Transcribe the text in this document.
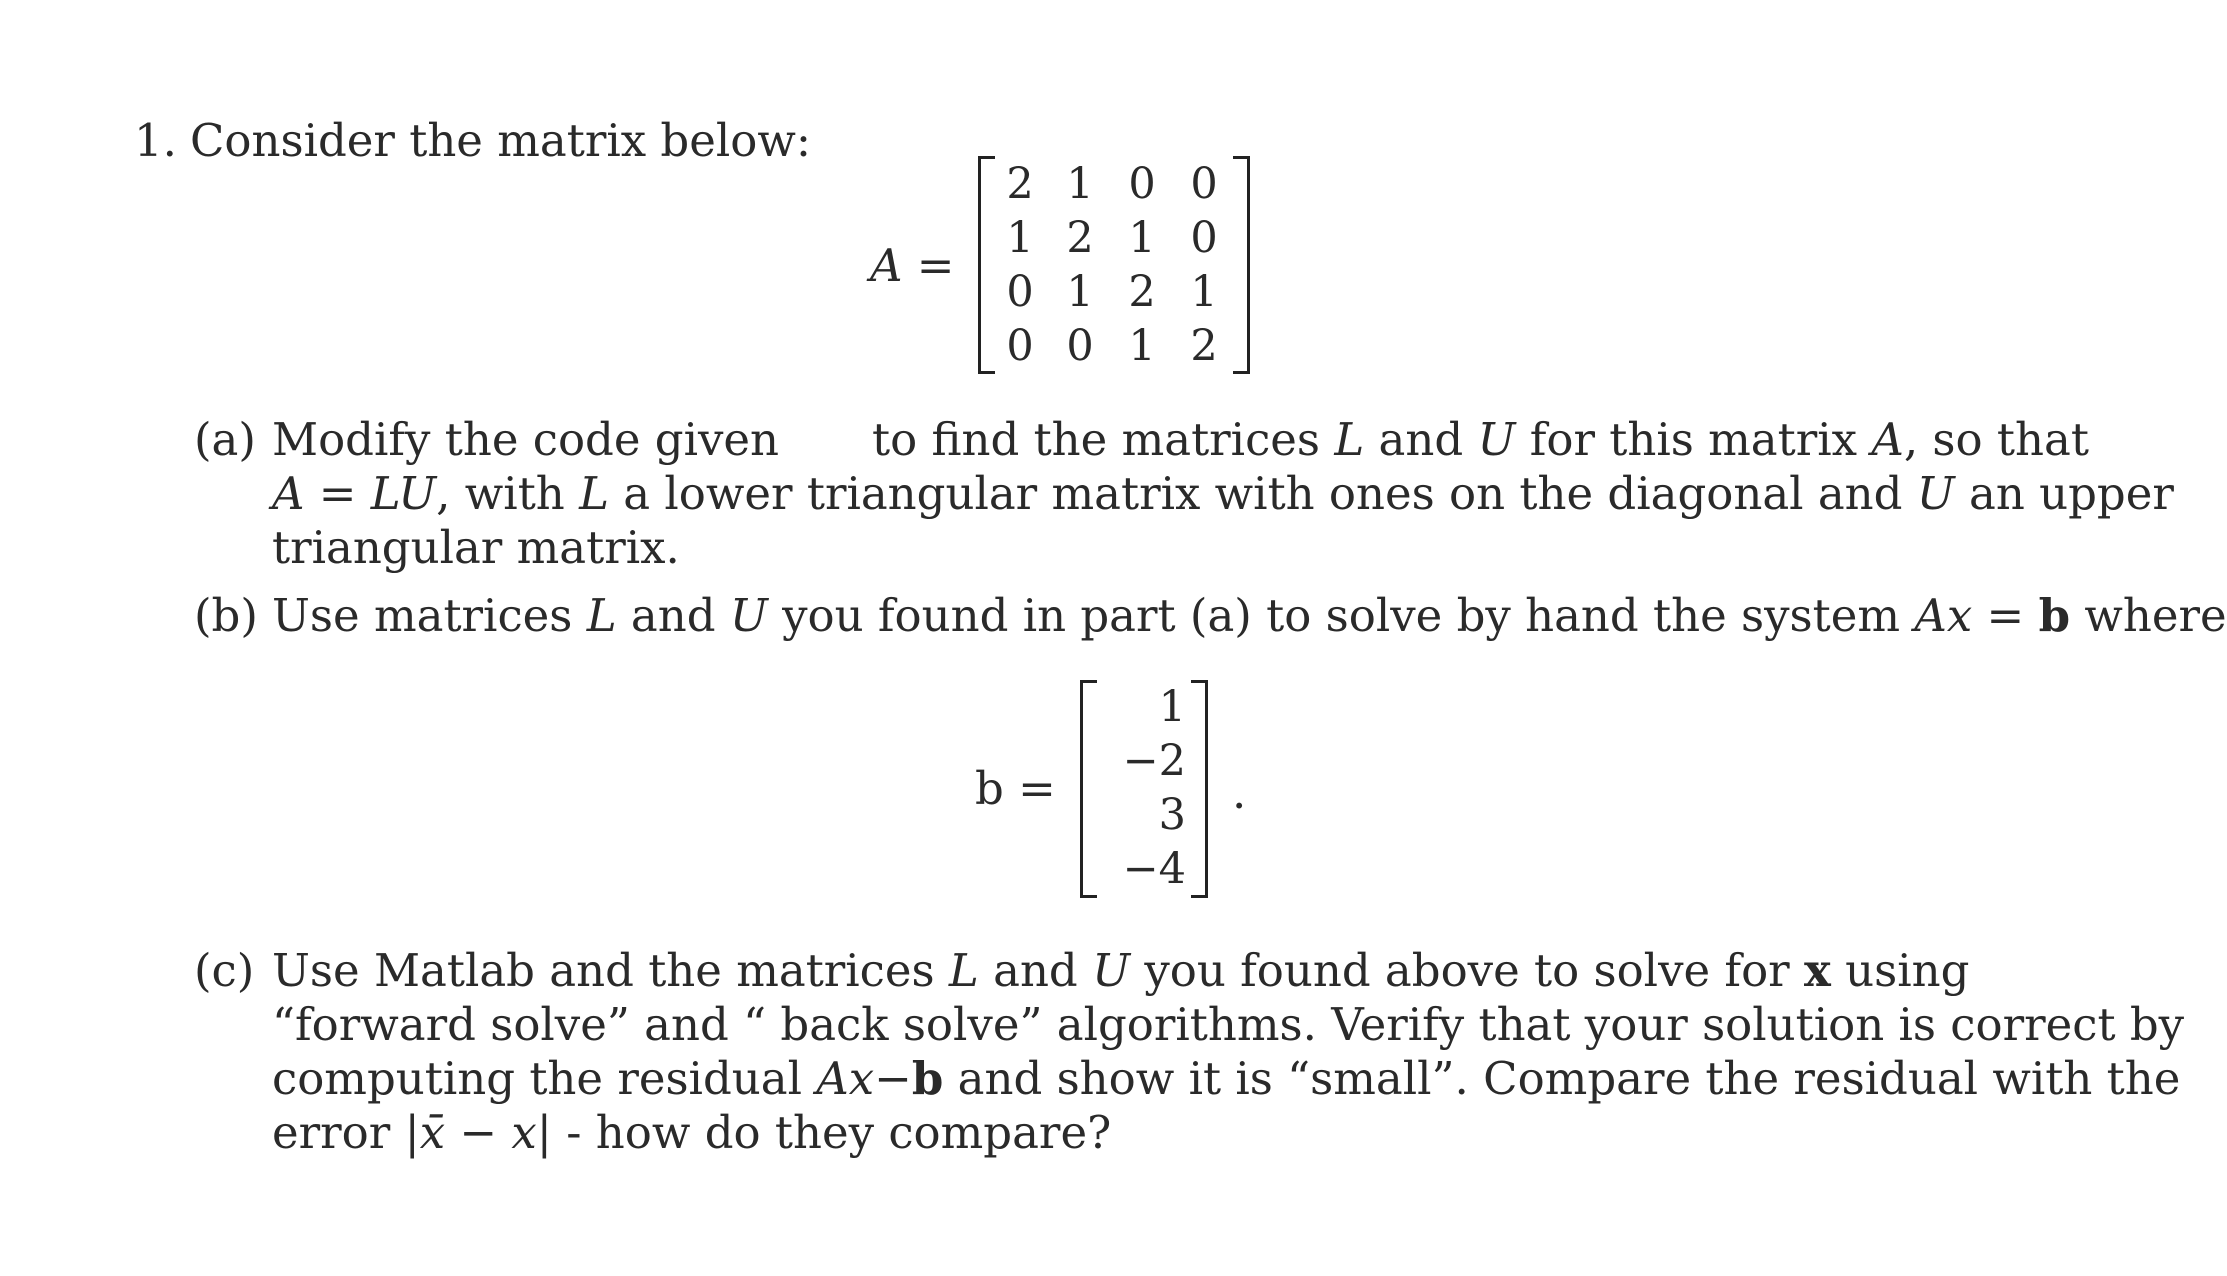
1. Consider the matrix below:
A =
2 1 0 0
1 2 1 0
0 1 2 1
0 0 1 2
(a) Modify the code given to find the matrices L and U for this matrix A, so that
A = LU, with L a lower triangular matrix with ones on the diagonal and U an upper
triangular matrix.
(b) Use matrices L and U you found in part (a) to solve by hand the system Ax = b where
b =
1
−2
3
−4
.
(c) Use Matlab and the matrices L and U you found above to solve for x using
“forward solve” and “ back solve” algorithms. Verify that your solution is correct by
computing the residual Ax−b and show it is “small”. Compare the residual with the
error |x̄ − x| - how do they compare?
